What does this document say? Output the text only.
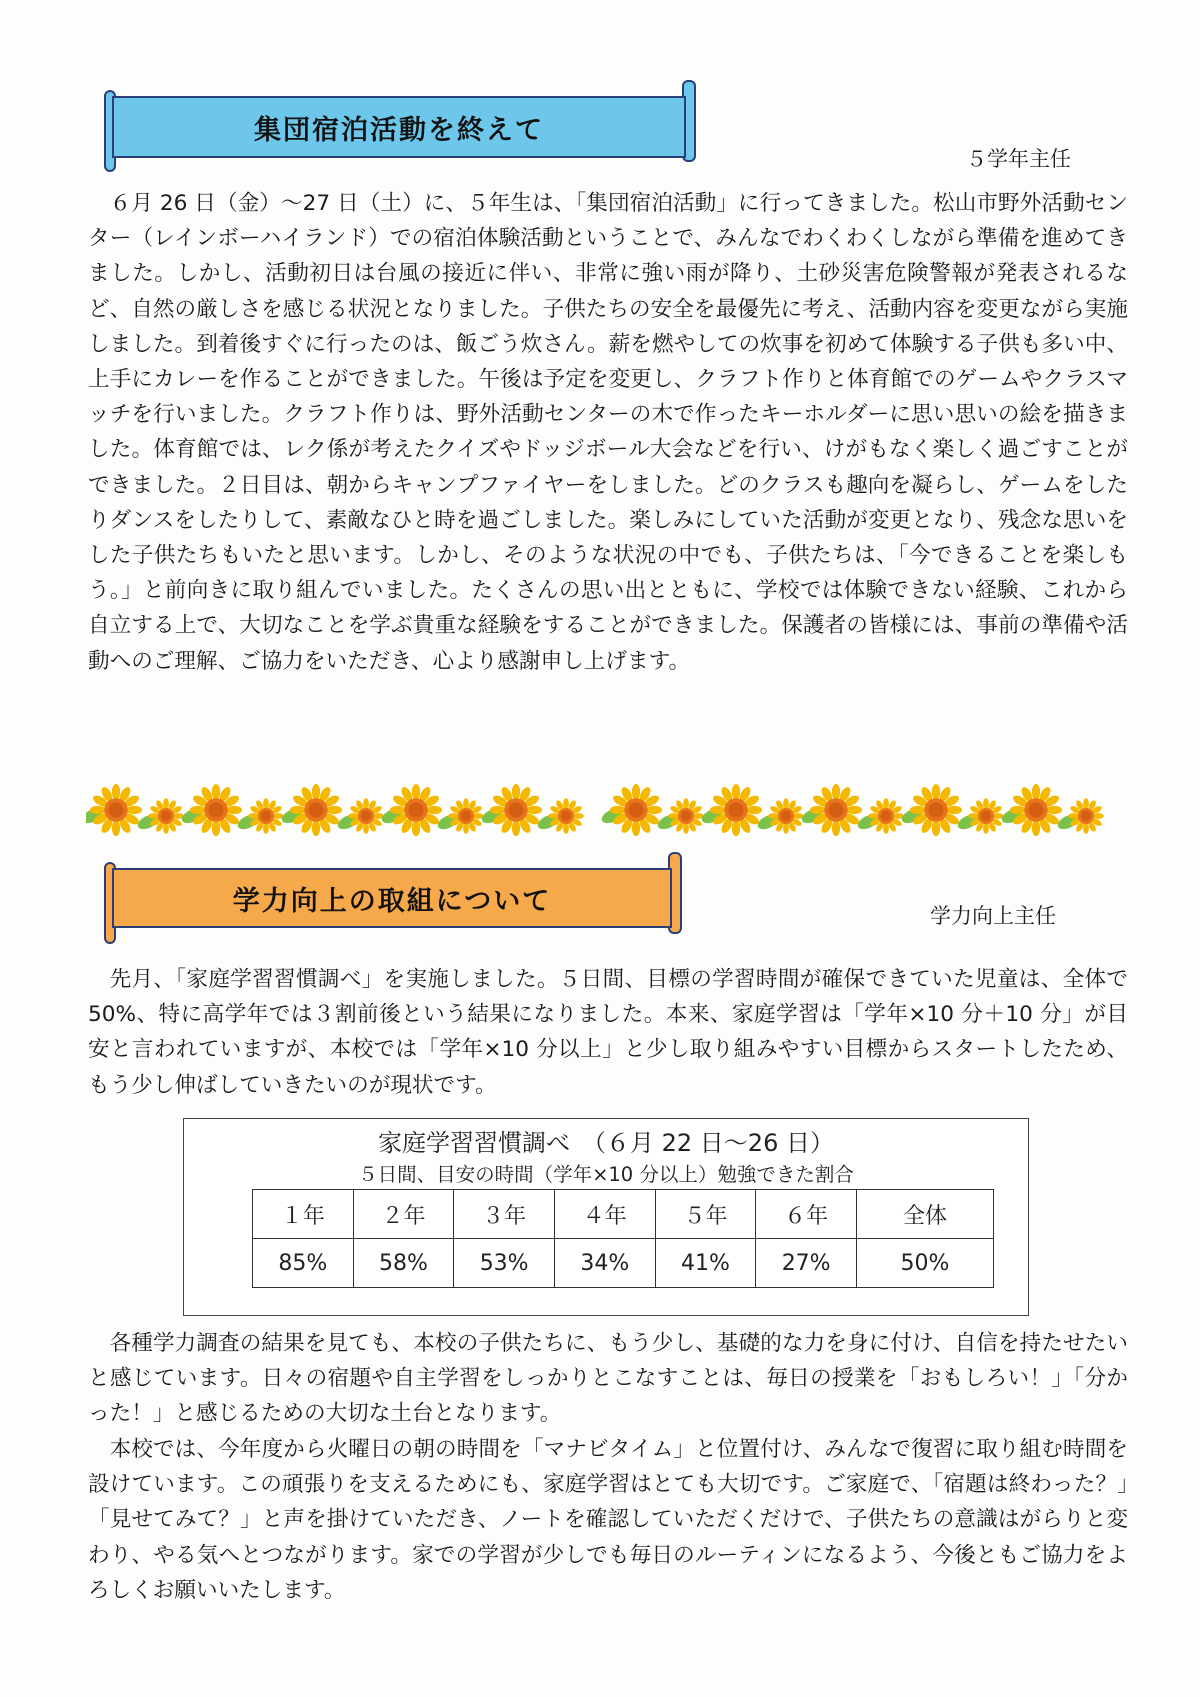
集団宿泊活動を終えて
５学年主任

６月 26 日（金）～27 日（土）に、５年生は、「集団宿泊活動」に行ってきました。松山市野外活動センター（レインボーハイランド）での宿泊体験活動ということで、みんなでわくわくしながら準備を進めてきました。しかし、活動初日は台風の接近に伴い、非常に強い雨が降り、土砂災害危険警報が発表されるなど、自然の厳しさを感じる状況となりました。子供たちの安全を最優先に考え、活動内容を変更ながら実施しました。到着後すぐに行ったのは、飯ごう炊さん。薪を燃やしての炊事を初めて体験する子供も多い中、上手にカレーを作ることができました。午後は予定を変更し、クラフト作りと体育館でのゲームやクラスマッチを行いました。クラフト作りは、野外活動センターの木で作ったキーホルダーに思い思いの絵を描きました。体育館では、レク係が考えたクイズやドッジボール大会などを行い、けがもなく楽しく過ごすことができました。２日目は、朝からキャンプファイヤーをしました。どのクラスも趣向を凝らし、ゲームをしたりダンスをしたりして、素敵なひと時を過ごしました。楽しみにしていた活動が変更となり、残念な思いをした子供たちもいたと思います。しかし、そのような状況の中でも、子供たちは、「今できることを楽しもう。」と前向きに取り組んでいました。たくさんの思い出とともに、学校では体験できない経験、これから自立する上で、大切なことを学ぶ貴重な経験をすることができました。保護者の皆様には、事前の準備や活動へのご理解、ご協力をいただき、心より感謝申し上げます。

学力向上の取組について	学力向上主任

先月、「家庭学習習慣調べ」を実施しました。５日間、目標の学習時間が確保できていた児童は、全体で 50%、特に高学年では３割前後という結果になりました。本来、家庭学習は「学年×10 分＋10 分」が目安と言われていますが、本校では「学年×10 分以上」と少し取り組みやすい目標からスタートしたため、もう少し伸ばしていきたいのが現状です。

家庭学習習慣調べ　（６月 22 日～26 日）
５日間、目安の時間（学年×10 分以上）勉強できた割合
１年	２年	３年	４年	５年	６年	全体
85%	58%	53%	34%	41%	27%	50%

各種学力調査の結果を見ても、本校の子供たちに、もう少し、基礎的な力を身に付け、自信を持たせたいと感じています。日々の宿題や自主学習をしっかりとこなすことは、毎日の授業を「おもしろい！」「分かった！」と感じるための大切な土台となります。

本校では、今年度から火曜日の朝の時間を「マナビタイム」と位置付け、みんなで復習に取り組む時間を設けています。この頑張りを支えるためにも、家庭学習はとても大切です。ご家庭で、「宿題は終わった？」「見せてみて？」と声を掛けていただき、ノートを確認していただくだけで、子供たちの意識はがらりと変わり、やる気へとつながります。家での学習が少しでも毎日のルーティンになるよう、今後ともご協力をよろしくお願いいたします。
